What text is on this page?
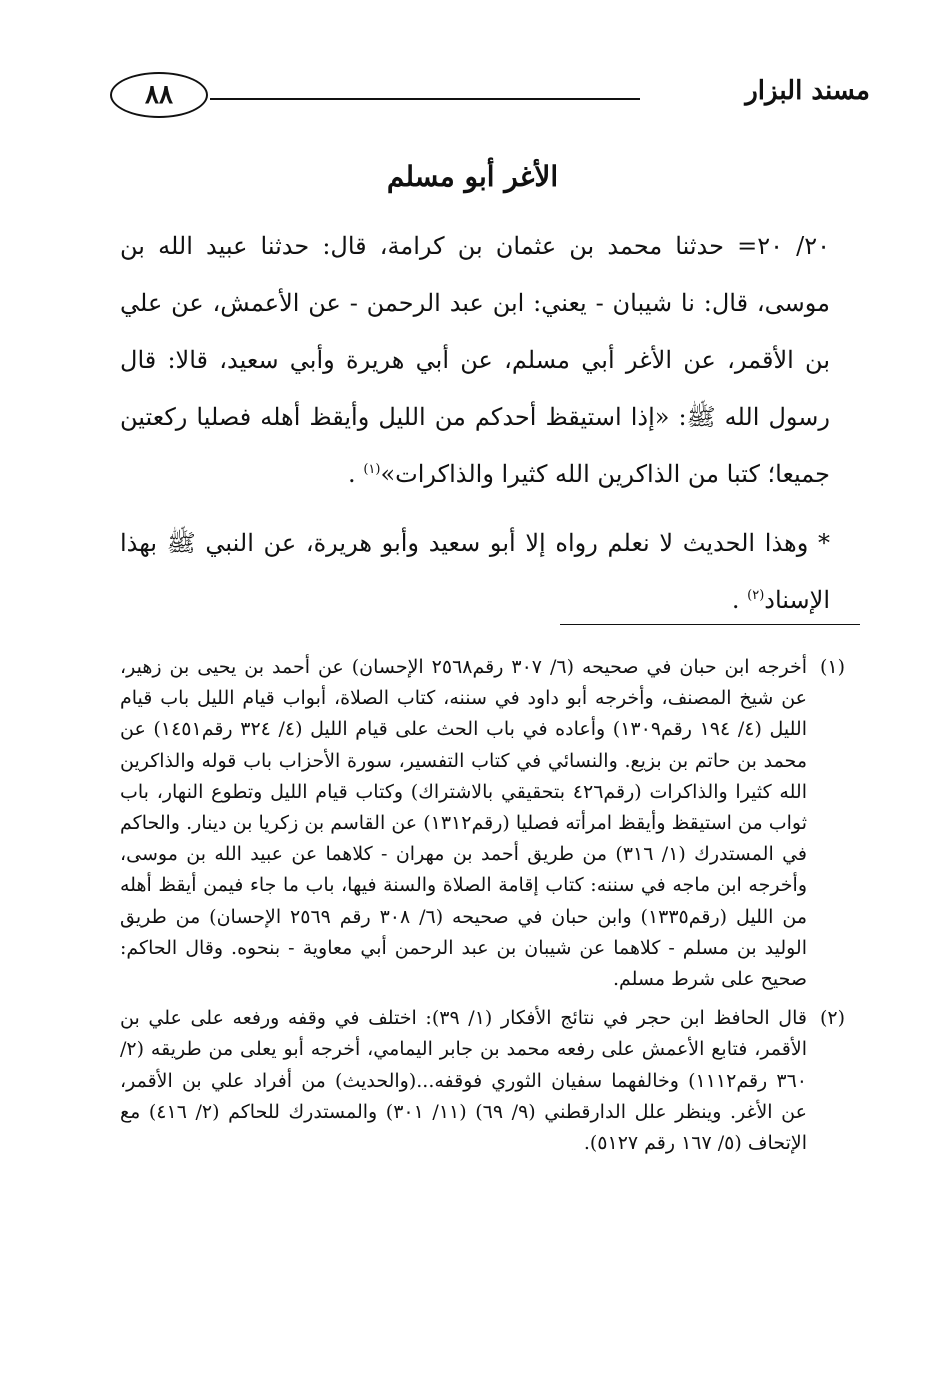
٨٨	مسند البزار
الأغر أبو مسلم

٢٠/ ٢٠= حدثنا محمد بن عثمان بن كرامة، قال: حدثنا عبيد الله بن موسى، قال: نا شيبان - يعني: ابن عبد الرحمن - عن الأعمش، عن علي بن الأقمر، عن الأغر أبي مسلم، عن أبي هريرة وأبي سعيد، قالا: قال رسول الله ﷺ: «إذا استيقظ أحدكم من الليل وأيقظ أهله فصليا ركعتين جميعا؛ كتبا من الذاكرين الله كثيرا والذاكرات»$^{(١)}$ .

* وهذا الحديث لا نعلم رواه إلا أبو سعيد وأبو هريرة، عن النبي ﷺ بهذا الإسناد$^{(٢)}$ .

(١)
أخرجه ابن حبان في صحيحه (٦/ ٣٠٧ رقم٢٥٦٨ الإحسان) عن أحمد بن يحيى بن زهير، عن شيخ المصنف، وأخرجه أبو داود في سننه، كتاب الصلاة، أبواب قيام الليل باب قيام الليل (٤/ ١٩٤ رقم١٣٠٩) وأعاده في باب الحث على قيام الليل (٤/ ٣٢٤ رقم١٤٥١) عن محمد بن حاتم بن بزيع. والنسائي في كتاب التفسير، سورة الأحزاب باب قوله والذاكرين الله كثيرا والذاكرات (رقم٤٢٦ بتحقيقي بالاشتراك) وكتاب قيام الليل وتطوع النهار، باب ثواب من استيقظ وأيقظ امرأته فصليا (رقم١٣١٢) عن القاسم بن زكريا بن دينار. والحاكم في المستدرك (١/ ٣١٦) من طريق أحمد بن مهران - كلاهما عن عبيد الله بن موسى، وأخرجه ابن ماجه في سننه: كتاب إقامة الصلاة والسنة فيها، باب ما جاء فيمن أيقظ أهله من الليل (رقم١٣٣٥) وابن حبان في صحيحه (٦/ ٣٠٨ رقم ٢٥٦٩ الإحسان) من طريق الوليد بن مسلم - كلاهما عن شيبان بن عبد الرحمن أبي معاوية - بنحوه. وقال الحاكم: صحيح على شرط مسلم.
(٢)
قال الحافظ ابن حجر في نتائج الأفكار (١/ ٣٩): اختلف في وقفه ورفعه على علي بن الأقمر، فتابع الأعمش على رفعه محمد بن جابر اليمامي، أخرجه أبو يعلى من طريقه (٢/ ٣٦٠ رقم١١١٢) وخالفهما سفيان الثوري فوقفه...(والحديث) من أفراد علي بن الأقمر، عن الأغر. وينظر علل الدارقطني (٩/ ٦٩) (١١/ ٣٠١) والمستدرك للحاكم (٢/ ٤١٦) مع الإتحاف (٥/ ١٦٧ رقم ٥١٢٧).
